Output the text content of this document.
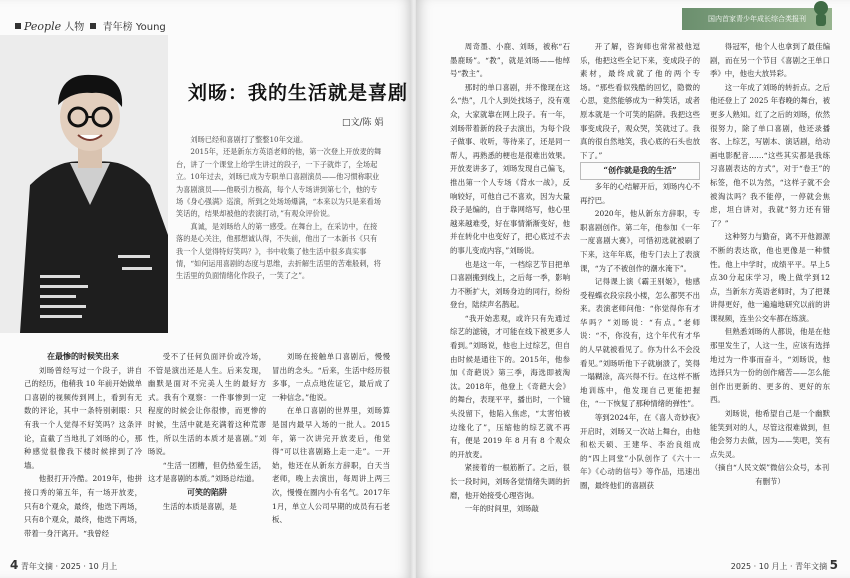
People 人物 青年榜 Young
刘旸：我的生活就是喜剧
□文/陈 娟

刘旸已经和喜剧打了整整10年交道。

2015年，还是新东方英语老师的他，第一次登上开放麦的舞台，讲了一个课堂上给学生讲过的段子，一下子就炸了，全场起立。10年过去，刘旸已成为专职单口喜剧演员——他习惯称职业为喜剧演员——他吸引力极高，每个人专场讲到第七个，他的专场《身心强满》巡演，所到之处场场爆满，“本来以为只是来看场笑话的，结果却被他的表演打动，”有观众评价说。

真诚，是刘旸给人的第一感受。在舞台上，在采访中，在接落的是心关注，他那想诚认得，不失前，他出了一本新书《只有我一个人觉得特好笑吗？》，书中收集了他生活中很多真实事情，“如何运用喜剧的态度与思维，去折解生活里的苦难般刺，将生活里的负面情绪化作段子，一笑了之”。

在最惨的时候笑出来

刘旸曾经写过一个段子，讲自己的经历，他稍我 10 年前开始做单口喜剧的视频传到网上，看到有无数的评论，其中一条特别刺眼：只有我一个人觉得不好笑吗？这条评论，直截了当地扎了刘旸的心，那种感觉很像我下楼时候摔到了冷墙。

他报打开冷酷。2019年，他拼接口秀的第五年，有一场开放麦，只有8个观众，最终，他迭下两场，只有8个观众，最终，他迭下两场，带着一身汗离开。“我曾经

受不了任何负面评价或冷场，不管是演出还是人生。后来发现，幽默是面对不完美人生的最好方式。我有个观察：一件事惨到一定程度的时候会让你很惨，而更惨的时候，生活中就是充满着这种荒谬性，所以生活的本质才是喜剧。”刘旸说。

“生活一团糟，但仍热爱生活，这才是喜剧的本质。”刘旸总结道。

可笑的陷阱

生活的本质是喜剧，是

刘旸在接触单口喜剧后，慢慢冒出的念头。“后来，生活中经历很多事，一点点地佐证它，最后成了一种信念。”他说。

在单口喜剧的世界里，刘旸算是国内最早入场的一批人。2015年，第一次讲完开放麦后，他觉得“可以往喜剧路上走一走”。一开始，他还在从新东方辞职，白天当老师，晚上去演出，每周讲上两三次，慢慢在圈内小有名气。2017年1月，单立人公司早期的成员有石老板、

4 青年文摘 · 2025 · 10 月上
国内首家青少年成长综合类报刊

周奇墨、小鹿、刘旸，被称“石墨鹿旸”。“教”，就是刘旸——他绰号“教主”。

那时的单口喜剧，并不像现在这么“热”，几个人到处找场子，没有观众，大家就靠在网上段子。有一年，刘旸带着新的段子去演出，为每个段子做事、收听，等待来了，还是同一帮人，再熟悉的梗也是很难出效果。开放麦讲多了，刘旸发现自己偏飞，推出第一个人专场《背水一战》，反响较好，可他自己不喜欢，因为大量段子是编的，自于靠网络写，他心里越来越难受，好在事情渐渐变好，他并在转化中也变好了，把心底过不去的事儿变成内容，”刘旸说。

也是这一年，一档综艺节目把单口喜剧搬到线上，之后每一季，影响力不断扩大，刘旸身边的同行，纷纷登台，陆续声名鹊起。

“我开始悲观，或许只有先通过综艺的滤镜，才可能在线下被更多人看到。”刘旸说，他也上过综艺，但自由时候是通往下的。2015年，他参加《奇葩说》第三季，海选即被淘汰。2018年，他登上《奇葩大会》的舞台，表现平平，播出时，一个镜头没留下，他陷入焦虑，“太害怕被边缘化了”，压缩他的综艺就不再有，便是 2019 年 8 月有 8 个观众的开放麦。

紧接着的一根筋断了。之后，很长一段时间，刘旸各觉情绪失调的折磨，他开始接受心理咨询。

一年的时间里，刘旸敲

开了解，咨询师也常常被他逗乐，他把这些全记下来，变成段子的素材，最终成就了他的两个专场。“那些看似残酷的回忆，隐微的心思，竟然能够成为一种笑话，或者原本就是一个可笑的陷阱。我把这些事变成段子，观众哭，笑就过了。我真的很自然地笑，我心底的石头也放下了。”

“创作就是我的生活”

多年的心结解开后，刘旸内心不再拧巴。

2020年，他从新东方辞职，专职喜剧创作。第二年，他参加《一年一度喜剧大赛》，可惜初选就被刷了下来，这年年底，他专门去上了表演课，“为了不被创作的潮水淹下”。

记得课上演《霸王别姬》，他感受程蝶衣段宗段小楼，怎么都哭不出来。表演老师问他：“你觉得你有才华吗？”刘旸说：“有点。”老师说：“不，你没有，这个年代有才华的人早就被看见了。你为什么不会没看见。”刘旸听他下子就崩溃了，笑得一塌糊涂，高兴得不行。在这样不断地训练中，他发现自己更能把握住，“一下恢复了那种情绪的弹性”。

等到2024年，在《喜人奇妙夜》开启时，刘旸又一次站上舞台，由他和松天硕、王建华、李治良组成的“四上同堂”小队创作了《六十一年》《心动的信号》等作品，迅速出圈，最终他们的喜剧获

得冠军，他个人也拿到了最佳编剧，而在另一个节目《喜剧之王单口季》中，他也大放异彩。

这一年成了刘旸的转折点。之后他还登上了 2025 年春晚的舞台，被更多人熟知。红了之后的刘旸，依然很努力，除了单口喜剧，他还录播客、上综艺，写剧本、演话剧，给动画电影配音……“这些其实都是我练习喜剧表达的方式”，对于“卷王”的标签，他不以为然，“这样子就不会被淘汰吗？我不能停，一停就会焦虑，坦白讲对，我就“努力还有错了？”

这种努力与勤奋，离不开他源源不断的表达欲，他也更像是一种惯性。他上中学时，成绩平平。早上5点30分起床学习，晚上做学到12点，当新东方英语老师时，为了把课讲得更好，他一遍遍地研究以前的讲课视频，连坐公交车都在练演。

但熟悉刘旸的人都说，他是在他那里发生了，人这一生，应该有选择地过为一件事而奋斗，“刘旸说，他选择只为一份的创作痛苦——怎么能创作出更新的、更多的、更好的东西。

刘旸说，他希望自己是一个幽默能笑到对的人，尽管这很难做到，但他会努力去做，因为——笑吧，笑有点失灵。

（摘自“人民文娱”微信公众号，本刊有删节）

2025 · 10 月上 · 青年文摘 5
